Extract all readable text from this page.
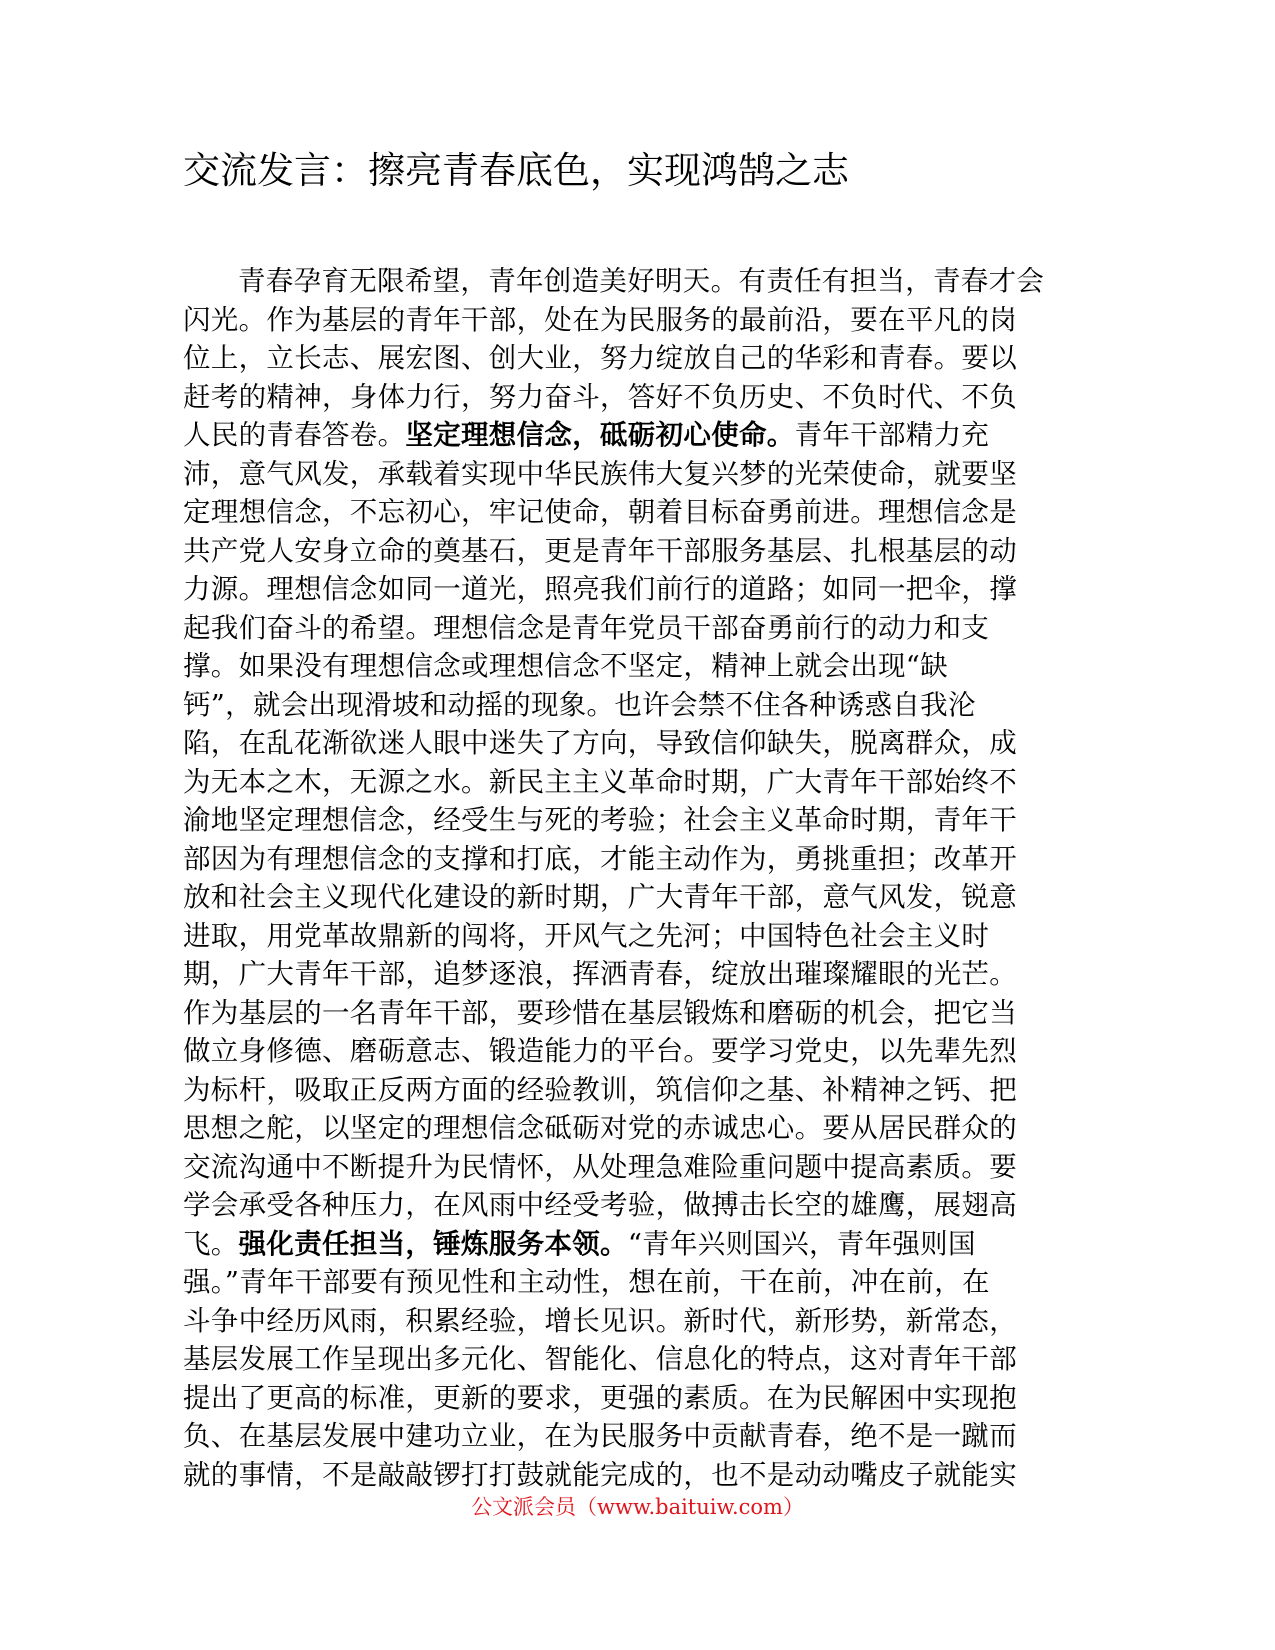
交流发言：擦亮青春底色，实现鸿鹄之志
青春孕育无限希望，青年创造美好明天。有责任有担当，青春才会
闪光。作为基层的青年干部，处在为民服务的最前沿，要在平凡的岗
位上，立长志、展宏图、创大业，努力绽放自己的华彩和青春。要以
赶考的精神，身体力行，努力奋斗，答好不负历史、不负时代、不负
人民的青春答卷。坚定理想信念，砥砺初心使命。青年干部精力充
沛，意气风发，承载着实现中华民族伟大复兴梦的光荣使命，就要坚
定理想信念，不忘初心，牢记使命，朝着目标奋勇前进。理想信念是
共产党人安身立命的奠基石，更是青年干部服务基层、扎根基层的动
力源。理想信念如同一道光，照亮我们前行的道路；如同一把伞，撑
起我们奋斗的希望。理想信念是青年党员干部奋勇前行的动力和支
撑。如果没有理想信念或理想信念不坚定，精神上就会出现“缺
钙”，就会出现滑坡和动摇的现象。也许会禁不住各种诱惑自我沦
陷，在乱花渐欲迷人眼中迷失了方向，导致信仰缺失，脱离群众，成
为无本之木，无源之水。新民主主义革命时期，广大青年干部始终不
渝地坚定理想信念，经受生与死的考验；社会主义革命时期，青年干
部因为有理想信念的支撑和打底，才能主动作为，勇挑重担；改革开
放和社会主义现代化建设的新时期，广大青年干部，意气风发，锐意
进取，用党革故鼎新的闯将，开风气之先河；中国特色社会主义时
期，广大青年干部，追梦逐浪，挥洒青春，绽放出璀璨耀眼的光芒。
作为基层的一名青年干部，要珍惜在基层锻炼和磨砺的机会，把它当
做立身修德、磨砺意志、锻造能力的平台。要学习党史，以先辈先烈
为标杆，吸取正反两方面的经验教训，筑信仰之基、补精神之钙、把
思想之舵，以坚定的理想信念砥砺对党的赤诚忠心。要从居民群众的
交流沟通中不断提升为民情怀，从处理急难险重问题中提高素质。要
学会承受各种压力，在风雨中经受考验，做搏击长空的雄鹰，展翅高
飞。强化责任担当，锤炼服务本领。“青年兴则国兴，青年强则国
强。”青年干部要有预见性和主动性，想在前，干在前，冲在前，在
斗争中经历风雨，积累经验，增长见识。新时代，新形势，新常态，
基层发展工作呈现出多元化、智能化、信息化的特点，这对青年干部
提出了更高的标准，更新的要求，更强的素质。在为民解困中实现抱
负、在基层发展中建功立业，在为民服务中贡献青春，绝不是一蹴而
就的事情，不是敲敲锣打打鼓就能完成的，也不是动动嘴皮子就能实
公文派会员（www.baituiw.com）
